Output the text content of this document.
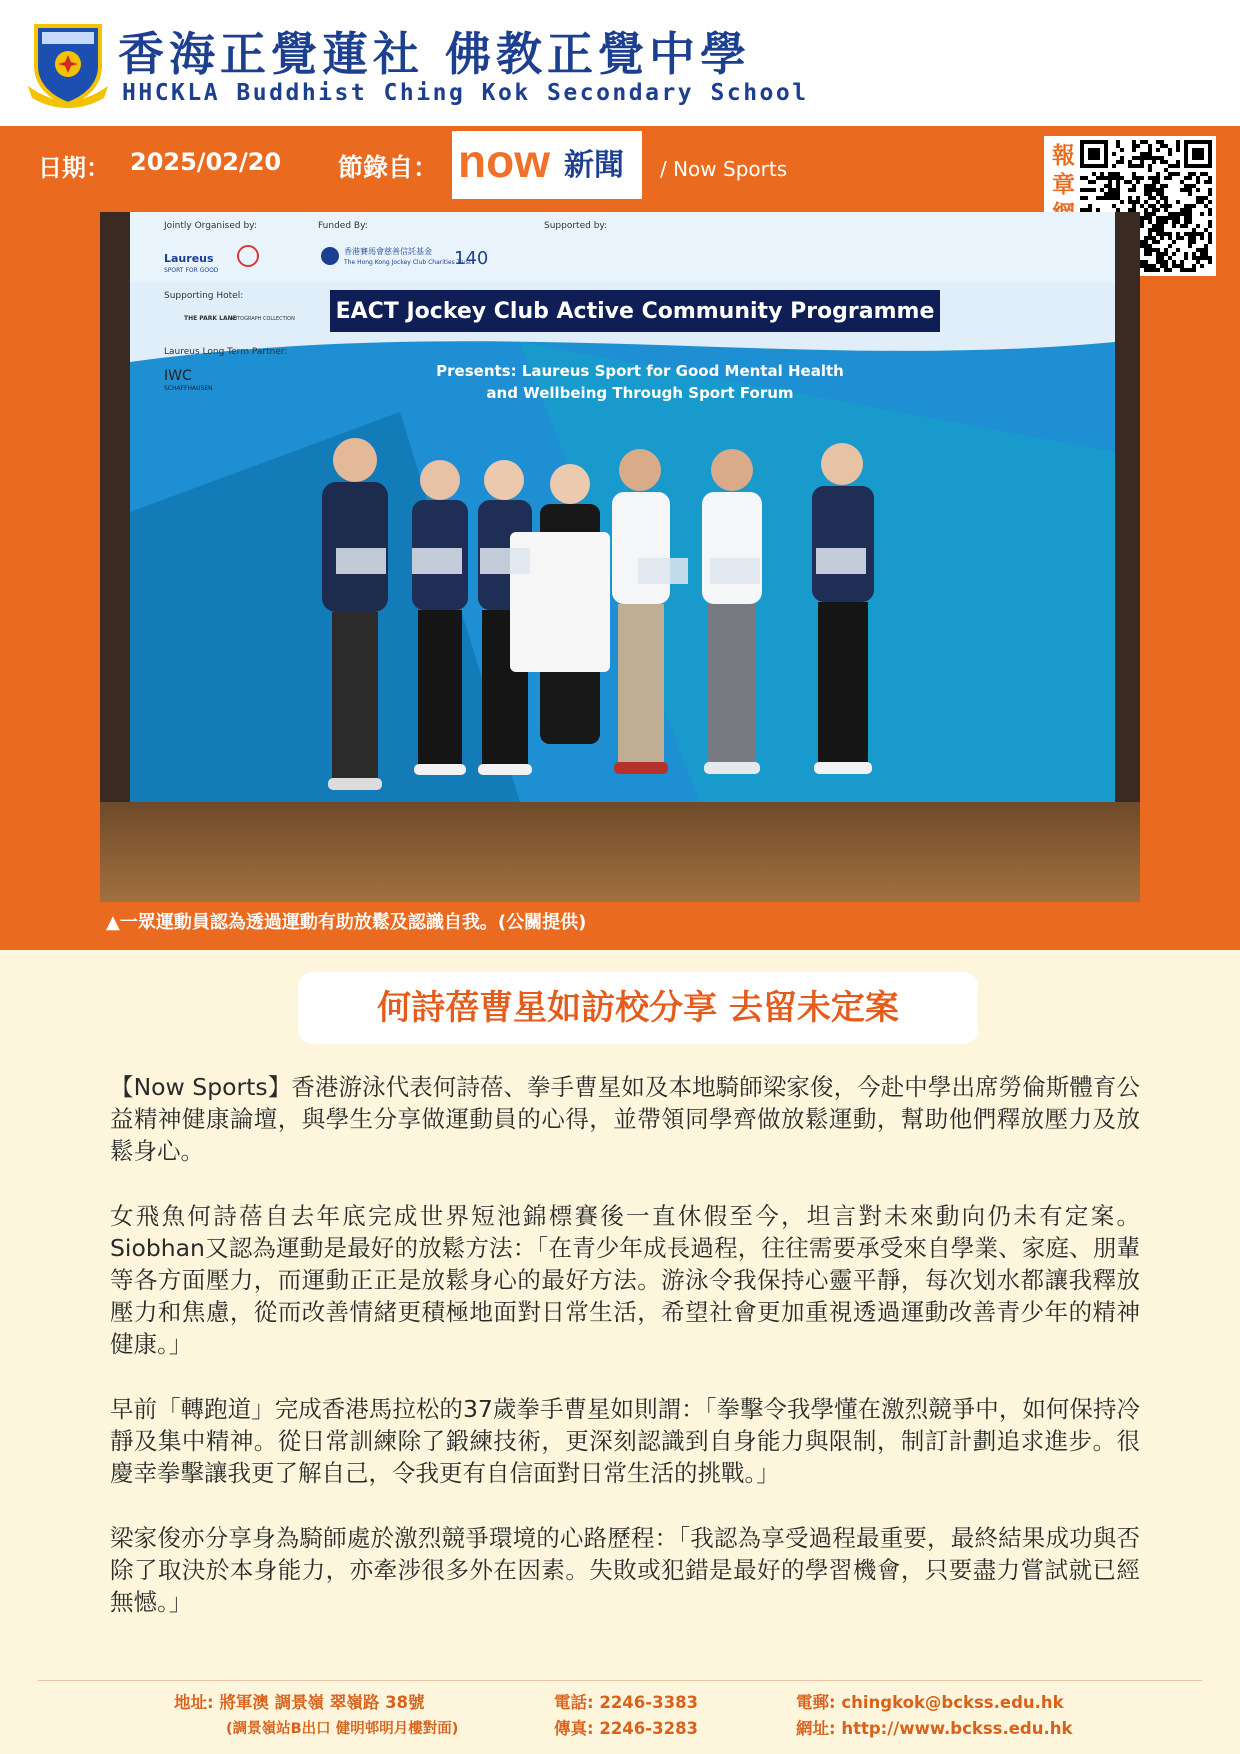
香海正覺蓮社 佛教正覺中學
HHCKLA Buddhist Ching Kok Secondary School
日期： 2025/02/20 節錄自： now 新聞 / Now Sports	報章
Jointly Organised by:	Funded By:	Supported by:
Laureus
SPORT FOR GOOD
香港賽馬會慈善信託基金
The Hong Kong Jockey Club Charities Trust
140
Supporting Hotel:
THE PARK LANE
AUTOGRAPH COLLECTION
Laureus Long Term Partner:
IWC
SCHAFFHAUSEN
EACT Jockey Club Active Community Programme
Presents: Laureus Sport for Good Mental Health
and Wellbeing Through Sport Forum
▲一眾運動員認為透過運動有助放鬆及認識自我。(公關提供)
何詩蓓曹星如訪校分享 去留未定案

【Now Sports】香港游泳代表何詩蓓、拳手曹星如及本地騎師梁家俊，今赴中學出席勞倫斯體育公益精神健康論壇，與學生分享做運動員的心得，並帶領同學齊做放鬆運動，幫助他們釋放壓力及放鬆身心。

女飛魚何詩蓓自去年底完成世界短池錦標賽後一直休假至今，坦言對未來動向仍未有定案。Siobhan又認為運動是最好的放鬆方法：「在青少年成長過程，往往需要承受來自學業、家庭、朋輩等各方面壓力，而運動正正是放鬆身心的最好方法。游泳令我保持心靈平靜，每次划水都讓我釋放壓力和焦慮，從而改善情緒更積極地面對日常生活，希望社會更加重視透過運動改善青少年的精神健康。」

早前「轉跑道」完成香港馬拉松的37歲拳手曹星如則謂：「拳擊令我學懂在激烈競爭中，如何保持冷靜及集中精神。從日常訓練除了鍛練技術，更深刻認識到自身能力與限制，制訂計劃追求進步。很慶幸拳擊讓我更了解自己，令我更有自信面對日常生活的挑戰。」

梁家俊亦分享身為騎師處於激烈競爭環境的心路歷程：「我認為享受過程最重要，最終結果成功與否除了取決於本身能力，亦牽涉很多外在因素。失敗或犯錯是最好的學習機會，只要盡力嘗試就已經無憾。」

地址: 將軍澳 調景嶺 翠嶺路 38號
(調景嶺站B出口 健明邨明月樓對面)
電話: 2246-3383
傳真: 2246-3283
電郵: chingkok@bckss.edu.hk
網址: http://www.bckss.edu.hk
